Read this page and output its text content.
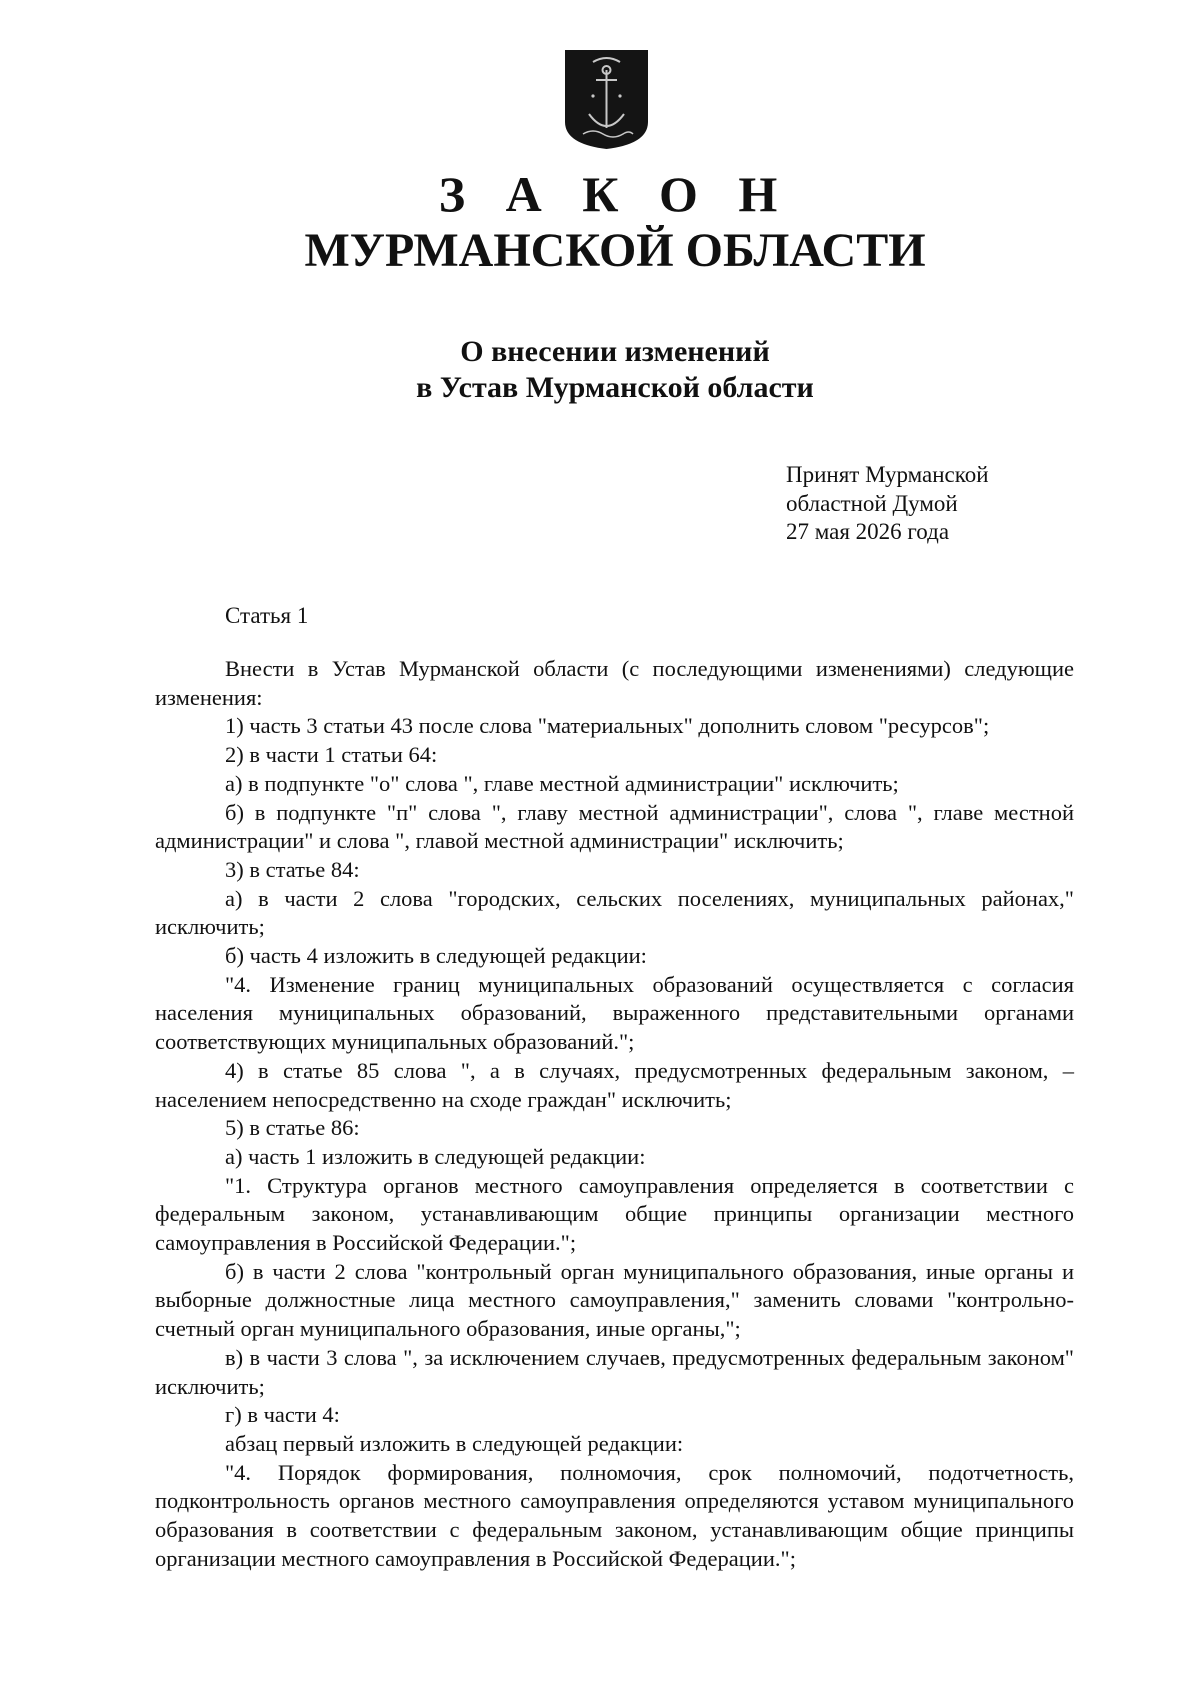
З А К О Н
МУРМАНСКОЙ ОБЛАСТИ
О внесении изменений
в Устав Мурманской области
Принят Мурманской
областной Думой
27 мая 2026 года
Статья 1

Внести в Устав Мурманской области (с последующими изменениями) следующие изменения:

1) часть 3 статьи 43 после слова "материальных" дополнить словом "ресурсов";

2) в части 1 статьи 64:

а) в подпункте "о" слова ", главе местной администрации" исключить;

б) в подпункте "п" слова ", главу местной администрации", слова ", главе местной администрации" и слова ", главой местной администрации" исключить;

3) в статье 84:

а) в части 2 слова "городских, сельских поселениях, муниципальных районах," исключить;

б) часть 4 изложить в следующей редакции:

"4. Изменение границ муниципальных образований осуществляется с согласия населения муниципальных образований, выраженного представительными органами соответствующих муниципальных образований.";

4) в статье 85 слова ", а в случаях, предусмотренных федеральным законом, – населением непосредственно на сходе граждан" исключить;

5) в статье 86:

а) часть 1 изложить в следующей редакции:

"1. Структура органов местного самоуправления определяется в соответствии с федеральным законом, устанавливающим общие принципы организации местного самоуправления в Российской Федерации.";

б) в части 2 слова "контрольный орган муниципального образования, иные органы и выборные должностные лица местного самоуправления," заменить словами "контрольно-счетный орган муниципального образования, иные органы,";

в) в части 3 слова ", за исключением случаев, предусмотренных федеральным законом" исключить;

г) в части 4:

абзац первый изложить в следующей редакции:

"4. Порядок формирования, полномочия, срок полномочий, подотчетность, подконтрольность органов местного самоуправления определяются уставом муниципального образования в соответствии с федеральным законом, устанавливающим общие принципы организации местного самоуправления в Российской Федерации.";
